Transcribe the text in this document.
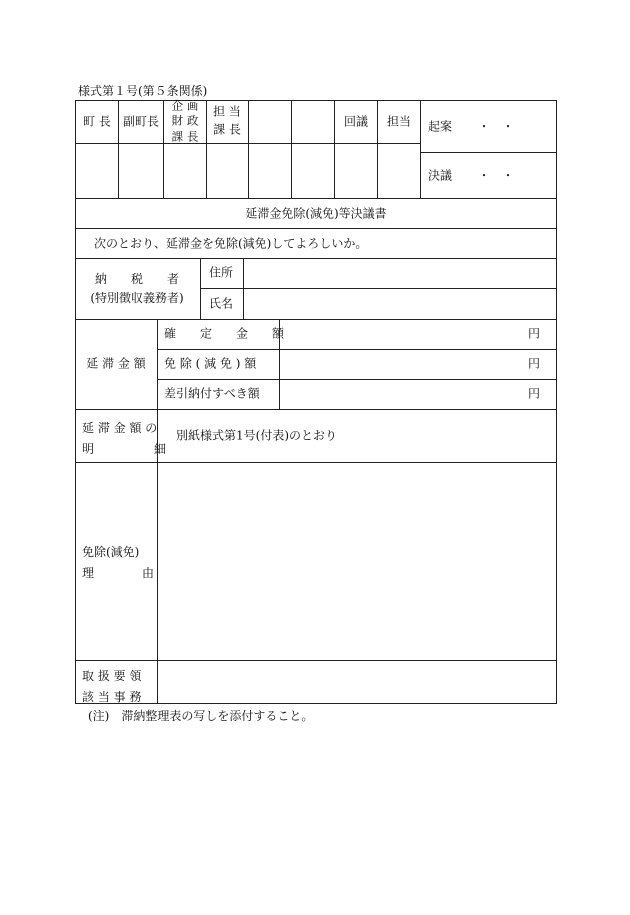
様式第１号(第５条関係)
町 長 副町長
企 画
財 政
課 長
担 当
課 長
回議 担当 起案 ・　・
決議 ・　・
延滞金免除(減免)等決議書
次のとおり、延滞金を免除(減免)してよろしいか。
納　　税　　者
(特別徴収義務者)
住所
氏名
延 滞 金 額
確　　定　　金　　額
免 除 ( 減 免 ) 額
差引納付すべき額
円
円
円
延 滞 金 額 の
明　　　　　細
別紙様式第1号(付表)のとおり
免除(減免)
理　　　　由
取 扱 要 領
該 当 事 務
(注)　滞納整理表の写しを添付すること。
